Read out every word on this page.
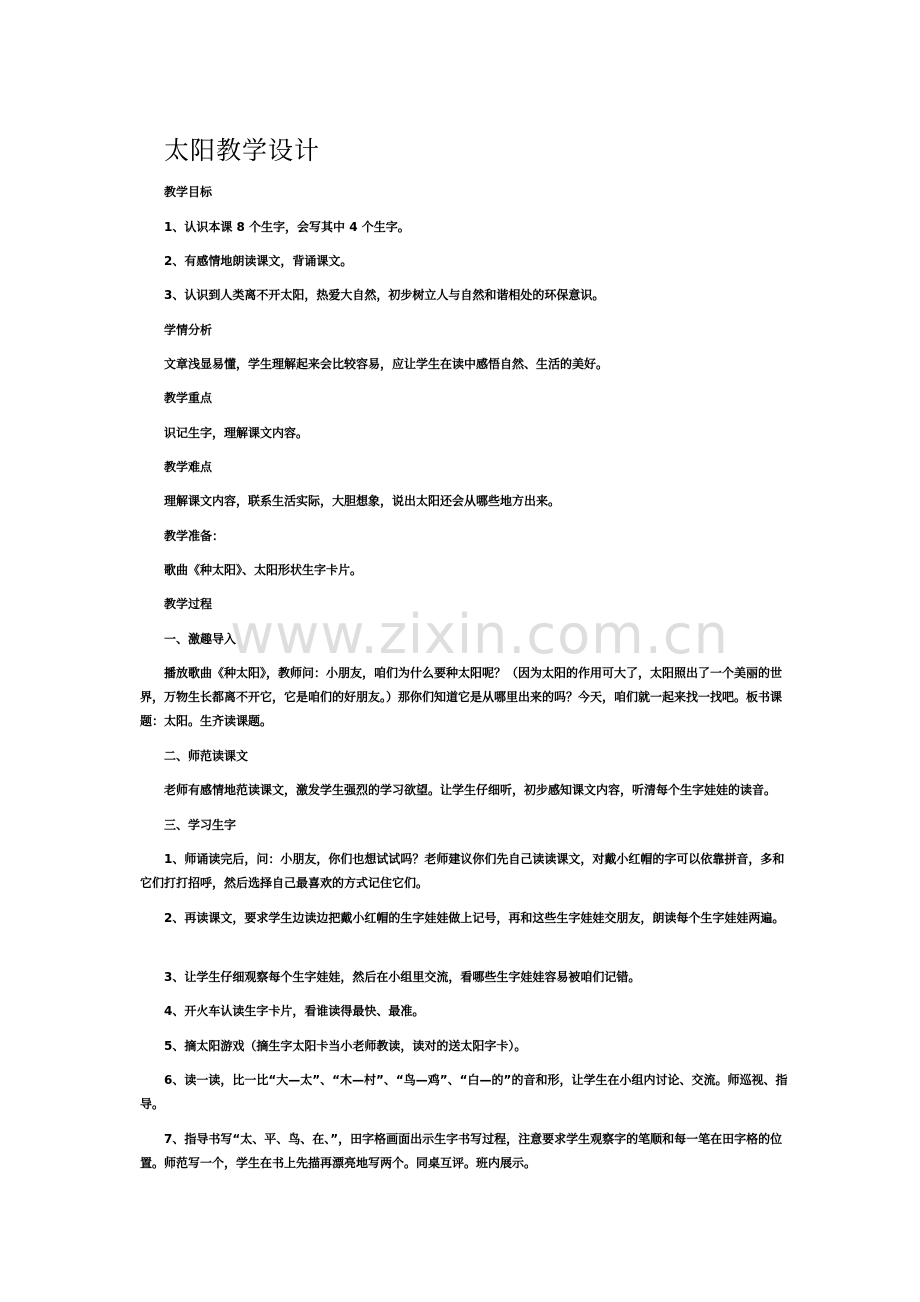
太阳教学设计
教学目标
1、认识本课 8 个生字，会写其中 4 个生字。
2、有感情地朗读课文，背诵课文。
3、认识到人类离不开太阳，热爱大自然，初步树立人与自然和谐相处的环保意识。
学情分析
文章浅显易懂，学生理解起来会比较容易，应让学生在读中感悟自然、生活的美好。
教学重点
识记生字，理解课文内容。
教学难点
理解课文内容，联系生活实际，大胆想象，说出太阳还会从哪些地方出来。
教学准备：
歌曲《种太阳》、太阳形状生字卡片。
教学过程
一、激趣导入
播放歌曲《种太阳》，教师问：小朋友，咱们为什么要种太阳呢？（因为太阳的作用可大了，太阳照出了一个美丽的世界，万物生长都离不开它，它是咱们的好朋友。）那你们知道它是从哪里出来的吗？今天，咱们就一起来找一找吧。板书课题：太阳。生齐读课题。
二、师范读课文
老师有感情地范读课文，激发学生强烈的学习欲望。让学生仔细听，初步感知课文内容，听清每个生字娃娃的读音。
三、学习生字
1、师诵读完后，问：小朋友，你们也想试试吗？老师建议你们先自己读读课文，对戴小红帽的字可以依靠拼音，多和它们打打招呼，然后选择自己最喜欢的方式记住它们。
2、再读课文，要求学生边读边把戴小红帽的生字娃娃做上记号，再和这些生字娃娃交朋友，朗读每个生字娃娃两遍。
3、让学生仔细观察每个生字娃娃，然后在小组里交流，看哪些生字娃娃容易被咱们记错。
4、开火车认读生字卡片，看谁读得最快、最准。
5、摘太阳游戏（摘生字太阳卡当小老师教读，读对的送太阳字卡）。
6、读一读，比一比“大—太”、“木—村”、“鸟—鸡”、“白—的”的音和形，让学生在小组内讨论、交流。师巡视、指导。
7、指导书写“太、平、鸟、在、”，田字格画面出示生字书写过程，注意要求学生观察字的笔顺和每一笔在田字格的位置。师范写一个，学生在书上先描再漂亮地写两个。同桌互评。班内展示。
www.zixin.com.cn
